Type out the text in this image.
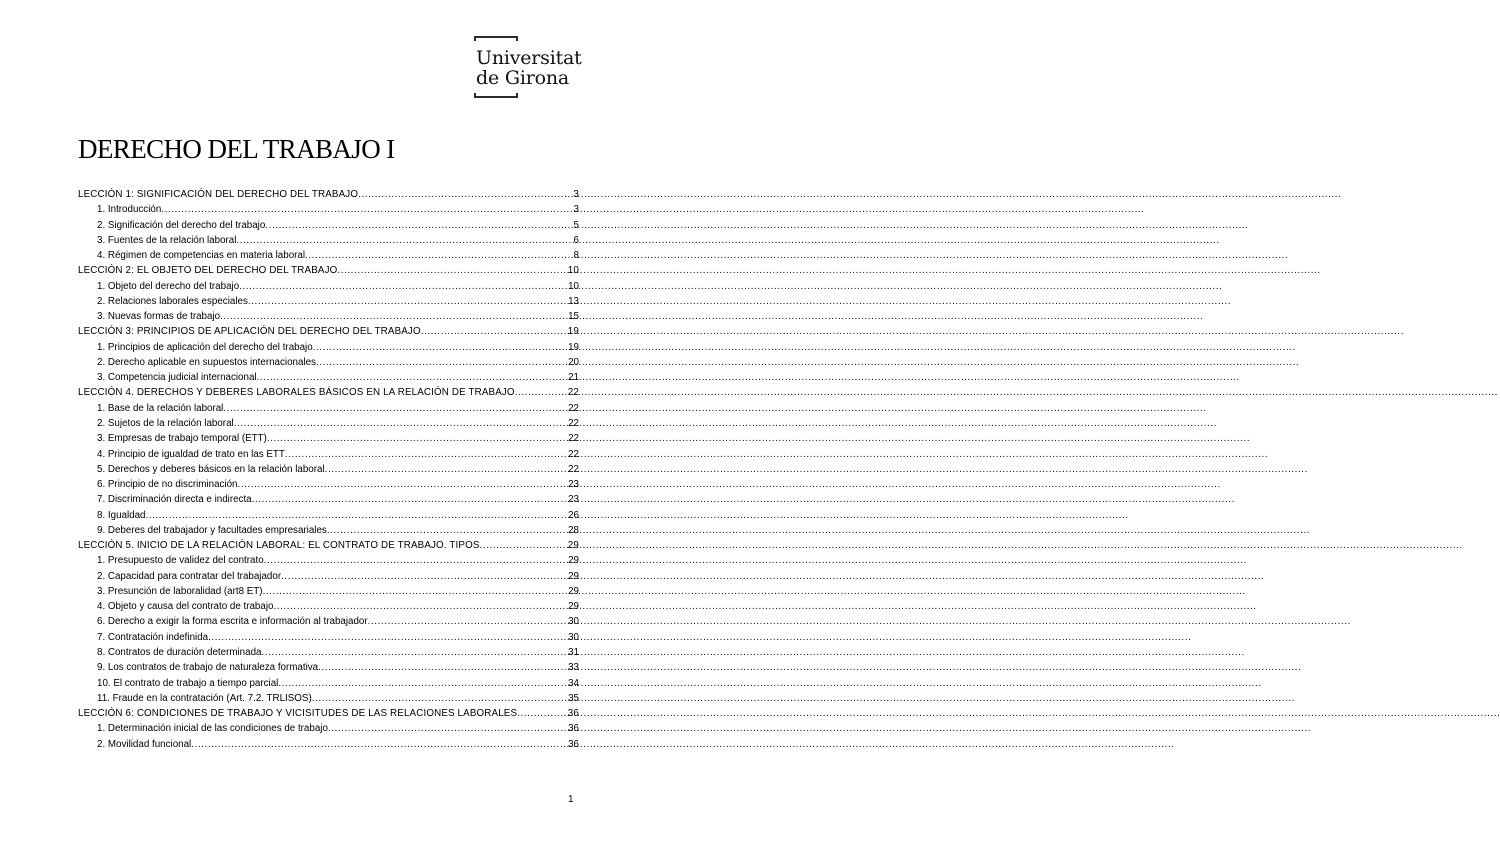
Universitat
de Girona
DERECHO DEL TRABAJO I
LECCIÓN 1: SIGNIFICACIÓN DEL DERECHO DEL TRABAJO .....	3
1. Introducción .....	3
2. Significación del derecho del trabajo .....	5
3. Fuentes de la relación laboral .....	6
4. Régimen de competencias en materia laboral .....	8
LECCIÓN 2: EL OBJETO DEL DERECHO DEL TRABAJO .....	10
1. Objeto del derecho del trabajo .....	10
2. Relaciones laborales especiales .....	13
3. Nuevas formas de trabajo .....	15
LECCIÓN 3: PRINCIPIOS DE APLICACIÓN DEL DERECHO DEL TRABAJO .....	19
1. Principios de aplicación del derecho del trabajo .....	19
2. Derecho aplicable en supuestos internacionales .....	20
3. Competencia judicial internacional .....	21
LECCIÓN 4. DERECHOS Y DEBERES LABORALES BÁSICOS EN LA RELACIÓN DE TRABAJO .....	22
1. Base de la relación laboral .....	22
2. Sujetos de la relación laboral .....	22
3. Empresas de trabajo temporal (ETT) .....	22
4. Principio de igualdad de trato en las ETT .....	22
5. Derechos y deberes básicos en la relación laboral .....	22
6. Principio de no discriminación .....	23
7. Discriminación directa e indirecta .....	23
8. Igualdad .....	26
9. Deberes del trabajador y facultades empresariales .....	28
LECCIÓN 5. INICIO DE LA RELACIÓN LABORAL: EL CONTRATO DE TRABAJO. TIPOS .....	29
1. Presupuesto de validez del contrato .....	29
2. Capacidad para contratar del trabajador .....	29
3. Presunción de laboralidad (art8 ET) .....	29
4. Objeto y causa del contrato de trabajo .....	29
6. Derecho a exigir la forma escrita e información al trabajador .....	30
7. Contratación indefinida .....	30
8. Contratos de duración determinada .....	31
9. Los contratos de trabajo de naturaleza formativa .....	33
10. El contrato de trabajo a tiempo parcial .....	34
11. Fraude en la contratación (Art. 7.2. TRLISOS) .....	35
LECCIÓN 6: CONDICIONES DE TRABAJO Y VICISITUDES DE LAS RELACIONES LABORALES .....	36
1. Determinación inicial de las condiciones de trabajo .....	36
2. Movilidad funcional .....	36
1
